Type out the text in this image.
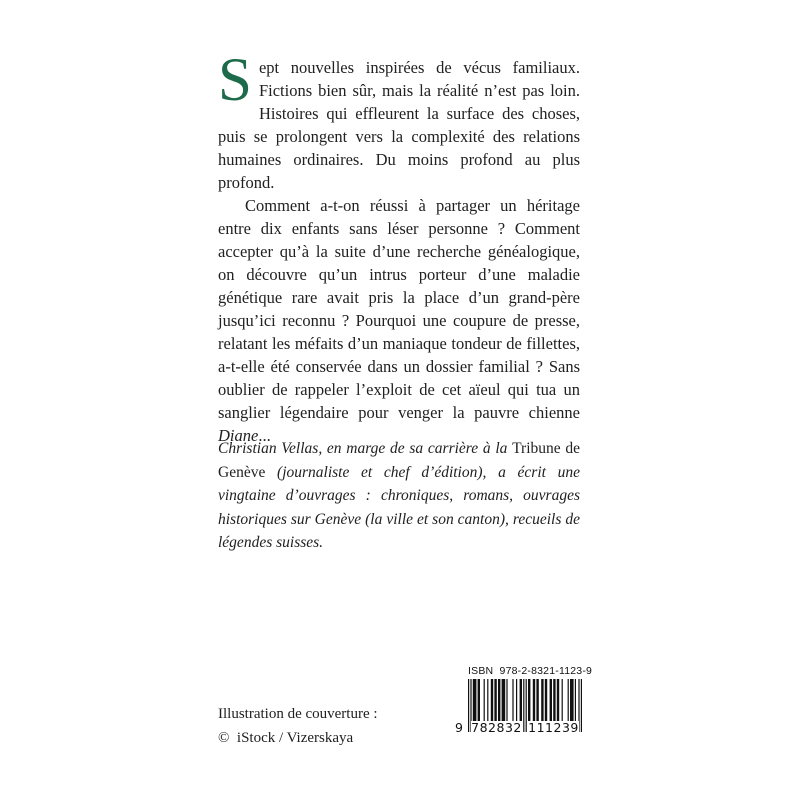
Sept nouvelles inspirées de vécus familiaux. Fictions bien sûr, mais la réalité n’est pas loin. Histoires qui effleurent la surface des choses, puis se prolongent vers la complexité des relations humaines ordinaires. Du moins profond au plus profond.

Comment a-t-on réussi à partager un héritage entre dix enfants sans léser personne ? Comment accepter qu’à la suite d’une recherche généalogique, on découvre qu’un intrus porteur d’une maladie génétique rare avait pris la place d’un grand-père jusqu’ici reconnu ? Pourquoi une coupure de presse, relatant les méfaits d’un maniaque tondeur de fillettes, a-t-elle été conservée dans un dossier familial ? Sans oublier de rappeler l’exploit de cet aïeul qui tua un sanglier légendaire pour venger la pauvre chienne Diane...

Christian Vellas, en marge de sa carrière à la Tribune de Genève (journaliste et chef d’édition), a écrit une vingtaine d’ouvrages : chroniques, romans, ouvrages historiques sur Genève (la ville et son canton), recueils de légendes suisses.
Illustration de couverture :
©  iStock / Vizerskaya
ISBN  978-2-8321-1123-9
9 782832 111239
